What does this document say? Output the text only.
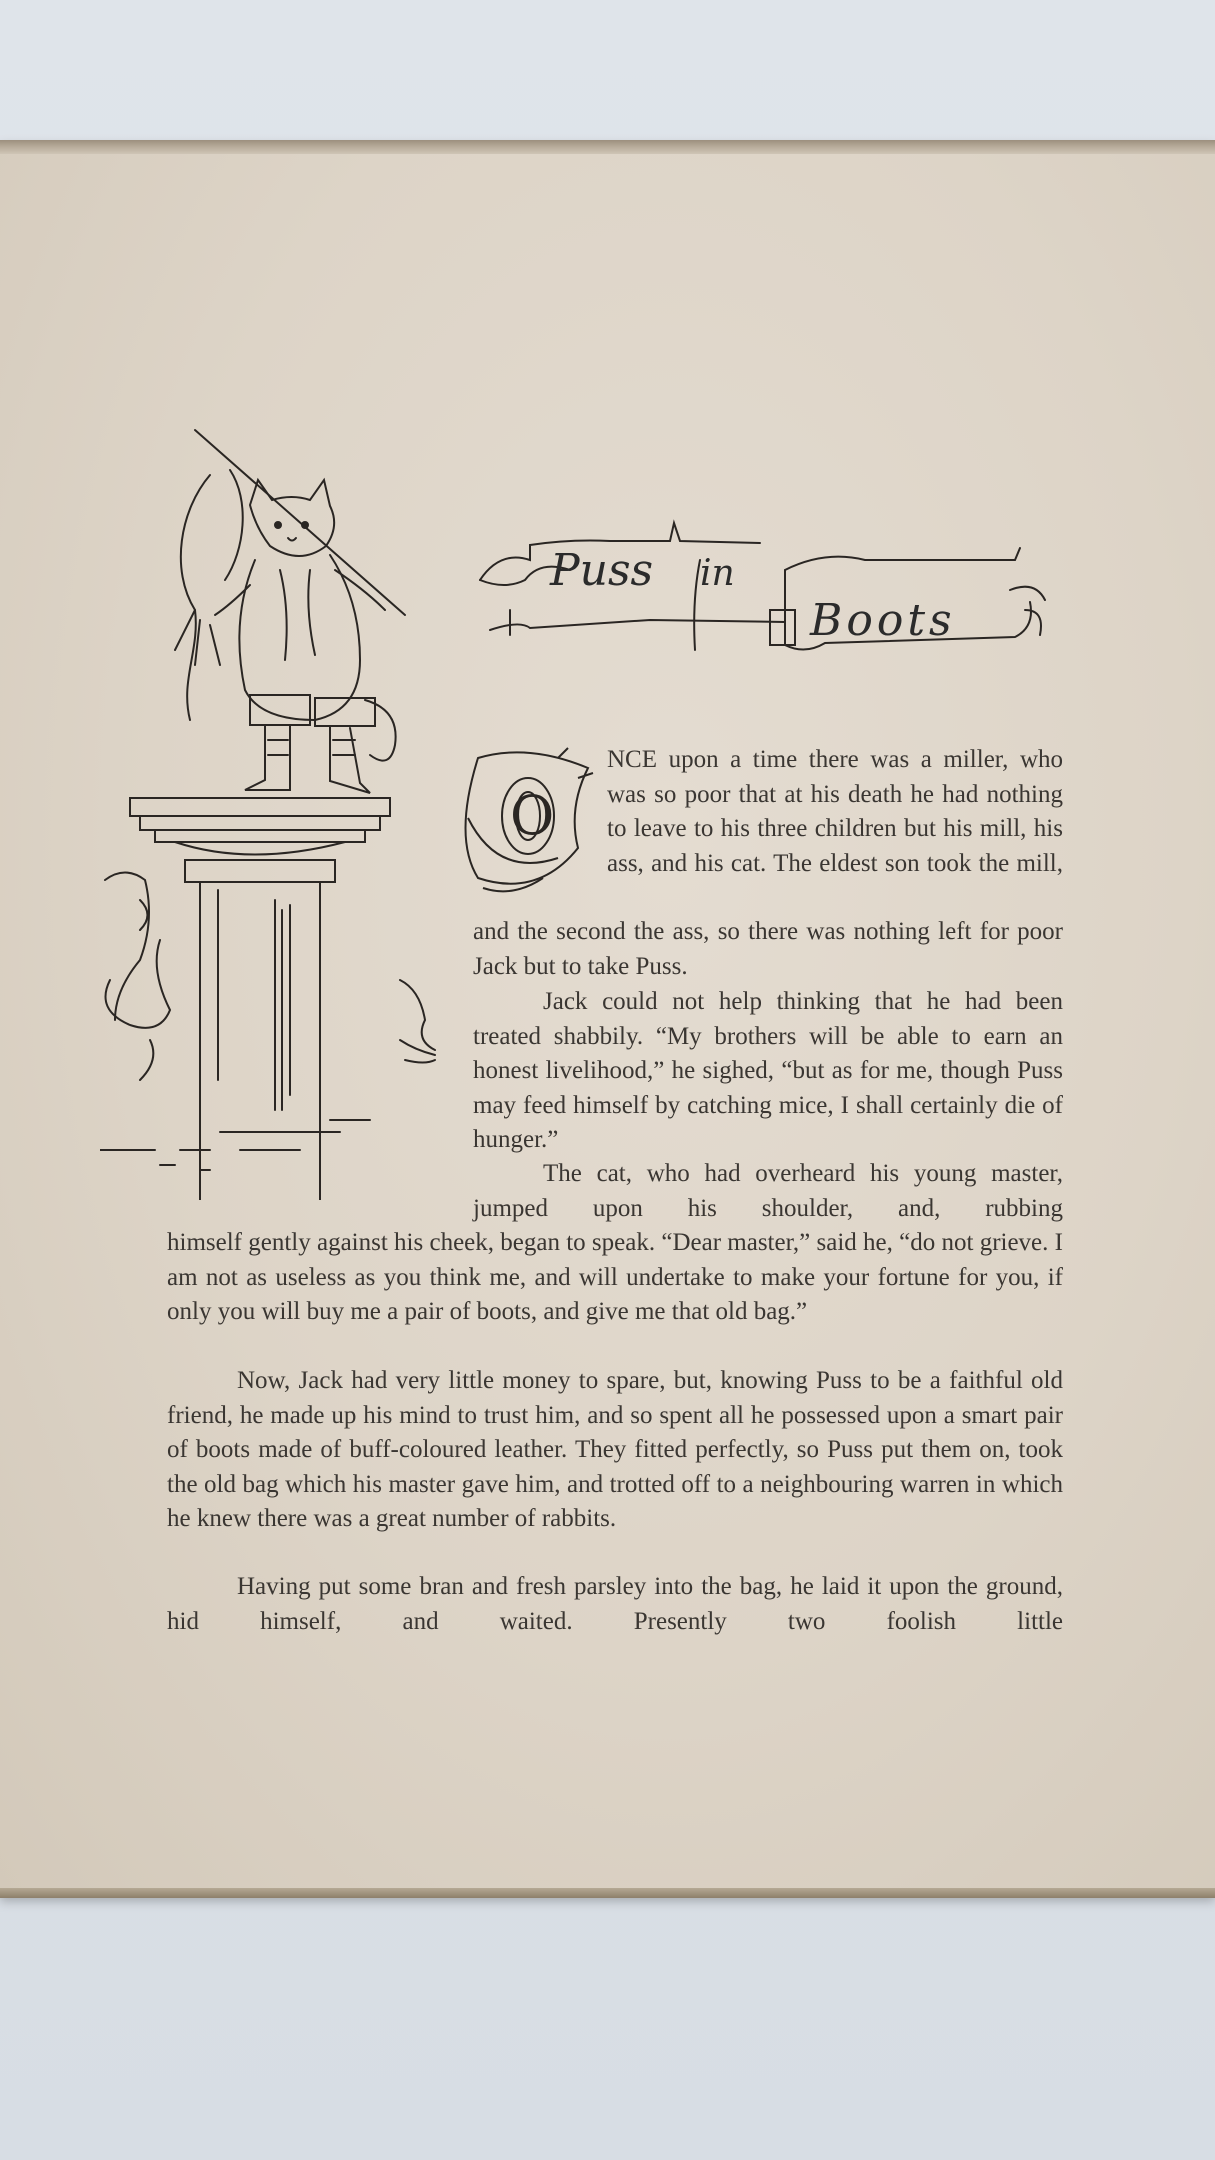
Puss in
Boots
O
NCE upon a time there was a miller, who was so poor that at his death he had nothing to leave to his three children but his mill, his ass, and his cat. The eldest son took the mill,
and the second the ass, so there was nothing left for poor Jack but to take Puss.
Jack could not help thinking that he had been treated shabbily. “My brothers will be able to earn an honest livelihood,” he sighed, “but as for me, though Puss may feed himself by catching mice, I shall certainly die of hunger.”
The cat, who had overheard his young master, jumped upon his shoulder, and, rubbing
himself gently against his cheek, began to speak. “Dear master,” said he, “do not grieve. I am not as useless as you think me, and will undertake to make your fortune for you, if only you will buy me a pair of boots, and give me that old bag.”
Now, Jack had very little money to spare, but, knowing Puss to be a faithful old friend, he made up his mind to trust him, and so spent all he possessed upon a smart pair of boots made of buff-coloured leather. They fitted perfectly, so Puss put them on, took the old bag which his master gave him, and trotted off to a neighbouring warren in which he knew there was a great number of rabbits.
Having put some bran and fresh parsley into the bag, he laid it upon the ground, hid himself, and waited. Presently two foolish little
